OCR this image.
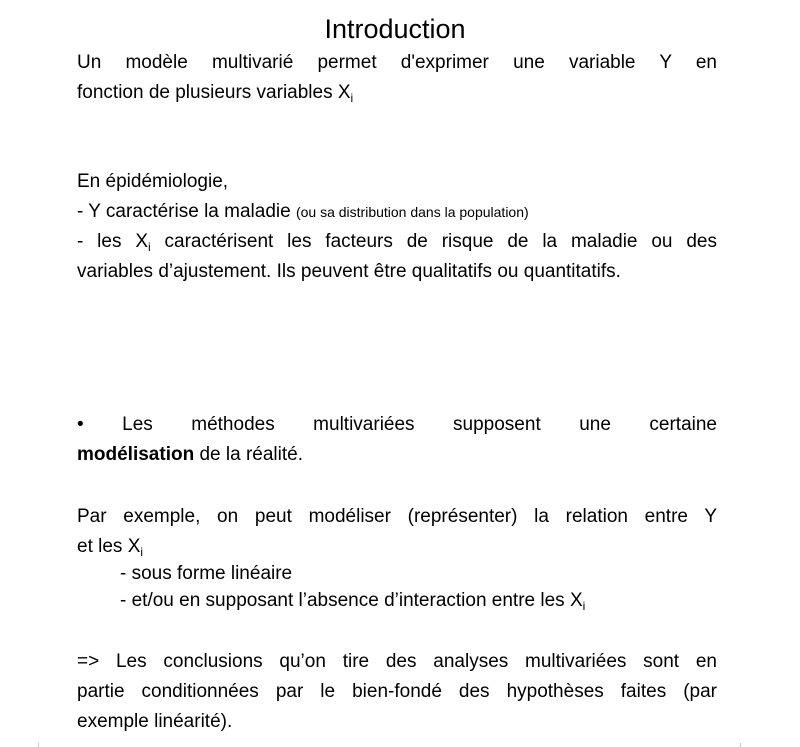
Introduction
Un modèle multivarié permet d'exprimer une variable Y en
fonction de plusieurs variables $X_i$
En épidémiologie,
- Y caractérise la maladie (ou sa distribution dans la population)
- les $X_i$ caractérisent les facteurs de risque de la maladie ou des
variables d’ajustement. Ils peuvent être qualitatifs ou quantitatifs.
• Les méthodes multivariées supposent une certaine
modélisation de la réalité.
Par exemple, on peut modéliser (représenter) la relation entre Y
et les $X_i$
- sous forme linéaire
- et/ou en supposant l’absence d’interaction entre les $X_i$
=> Les conclusions qu’on tire des analyses multivariées sont en
partie conditionnées par le bien-fondé des hypothèses faites (par
exemple linéarité).
